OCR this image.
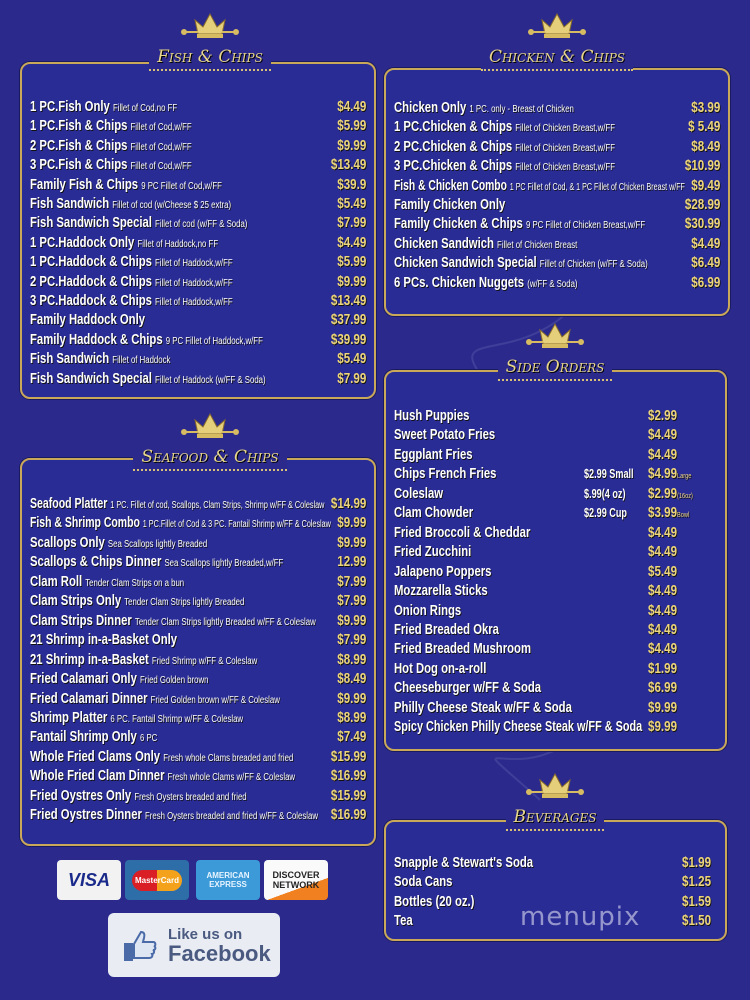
Fish & Chips
1 PC.Fish Only Fillet of Cod,no FF	$4.49
1 PC.Fish & Chips Fillet of Cod,w/FF	$5.99
2 PC.Fish & Chips Fillet of Cod,w/FF	$9.99
3 PC.Fish & Chips Fillet of Cod,w/FF	$13.49
Family Fish & Chips 9 PC Fillet of Cod,w/FF	$39.9
Fish Sandwich Fillet of cod (w/Cheese $ 25 extra)	$5.49
Fish Sandwich Special Fillet of cod (w/FF & Soda)	$7.99
1 PC.Haddock Only Fillet of Haddock,no FF	$4.49
1 PC.Haddock & Chips Fillet of Haddock,w/FF	$5.99
2 PC.Haddock & Chips Fillet of Haddock,w/FF	$9.99
3 PC.Haddock & Chips Fillet of Haddock,w/FF	$13.49
Family Haddock Only	$37.99
Family Haddock & Chips 9 PC Fillet of Haddock,w/FF	$39.99
Fish Sandwich Fillet of Haddock	$5.49
Fish Sandwich Special Fillet of Haddock (w/FF & Soda)	$7.99
Chicken & Chips
Chicken Only 1 PC. only - Breast of Chicken	$3.99
1 PC.Chicken & Chips Fillet of Chicken Breast,w/FF	$ 5.49
2 PC.Chicken & Chips Fillet of Chicken Breast,w/FF	$8.49
3 PC.Chicken & Chips Fillet of Chicken Breast,w/FF	$10.99
Fish & Chicken Combo 1 PC Fillet of Cod, & 1 PC Fillet of Chicken Breast w/FF $9.49
Family Chicken Only	$28.99
Family Chicken & Chips 9 PC Fillet of Chicken Breast,w/FF	$30.99
Chicken Sandwich Fillet of Chicken Breast	$4.49
Chicken Sandwich Special Fillet of Chicken (w/FF & Soda)	$6.49
6 PCs. Chicken Nuggets (w/FF & Soda)	$6.99
Side Orders
Hush Puppies	$2.99
Sweet Potato Fries	$4.49
Eggplant Fries	$4.49
Chips French Fries	$2.99 Small $4.99Large
Coleslaw	$.99(4 oz) $2.99(16oz)
Clam Chowder	$2.99 Cup $3.99Bowl
Fried Broccoli & Cheddar	$4.49
Fried Zucchini	$4.49
Jalapeno Poppers	$5.49
Mozzarella Sticks	$4.49
Onion Rings	$4.49
Fried Breaded Okra	$4.49
Fried Breaded Mushroom	$4.49
Hot Dog on-a-roll	$1.99
Cheeseburger w/FF & Soda	$6.99
Philly Cheese Steak w/FF & Soda	$9.99
Spicy Chicken Philly Cheese Steak w/FF & Soda $9.99
Seafood & Chips
Seafood Platter 1 PC. Fillet of cod, Scallops, Clam Strips, Shrimp w/FF & Coleslaw $14.99
Fish & Shrimp Combo 1 PC.Fillet of Cod & 3 PC. Fantail Shrimp w/FF & Coleslaw $9.99
Scallops Only Sea Scallops lightly Breaded	$9.99
Scallops & Chips Dinner Sea Scallops lightly Breaded,w/FF	12.99
Clam Roll Tender Clam Strips on a bun	$7.99
Clam Strips Only Tender Clam Strips lightly Breaded	$7.99
Clam Strips Dinner Tender Clam Strips lightly Breaded w/FF & Coleslaw $9.99
21 Shrimp in-a-Basket Only	$7.99
21 Shrimp in-a-Basket Fried Shrimp w/FF & Coleslaw	$8.99
Fried Calamari Only Fried Golden brown	$8.49
Fried Calamari Dinner Fried Golden brown w/FF & Coleslaw	$9.99
Shrimp Platter 6 PC. Fantail Shrimp w/FF & Coleslaw	$8.99
Fantail Shrimp Only 6 PC	$7.49
Whole Fried Clams Only Fresh whole Clams breaded and fried	$15.99
Whole Fried Clam Dinner Fresh whole Clams w/FF & Coleslaw $16.99
Fried Oystres Only Fresh Oysters breaded and fried	$15.99
Fried Oystres Dinner Fresh Oysters breaded and fried w/FF & Coleslaw $16.99	Beverages
Snapple & Stewart's Soda	$1.99
Soda Cans	$1.25
Bottles (20 oz.)	$1.59
Tea	$1.50
VISA	MasterCard	AMERICAN EXPRESS
DISCOVER NETWORK
Like us on
Facebook
menupix
